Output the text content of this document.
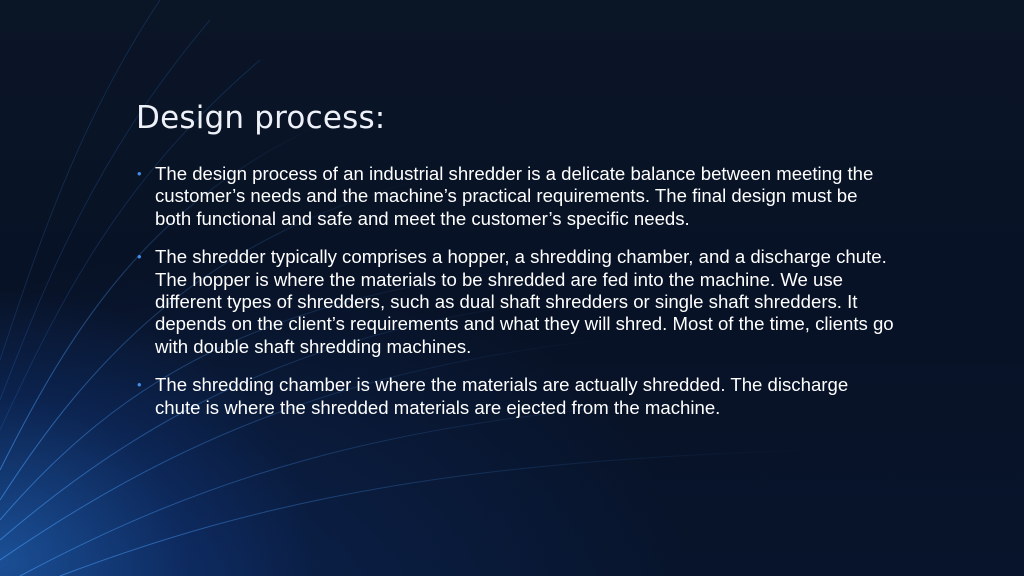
Design process:
• The design process of an industrial shredder is a delicate balance between meeting the customer’s needs and the machine’s practical requirements. The final design must be both functional and safe and meet the customer’s specific needs.
• The shredder typically comprises a hopper, a shredding chamber, and a discharge chute. The hopper is where the materials to be shredded are fed into the machine. We use different types of shredders, such as dual shaft shredders or single shaft shredders. It depends on the client’s requirements and what they will shred. Most of the time, clients go with double shaft shredding machines.
• The shredding chamber is where the materials are actually shredded. The discharge chute is where the shredded materials are ejected from the machine.
